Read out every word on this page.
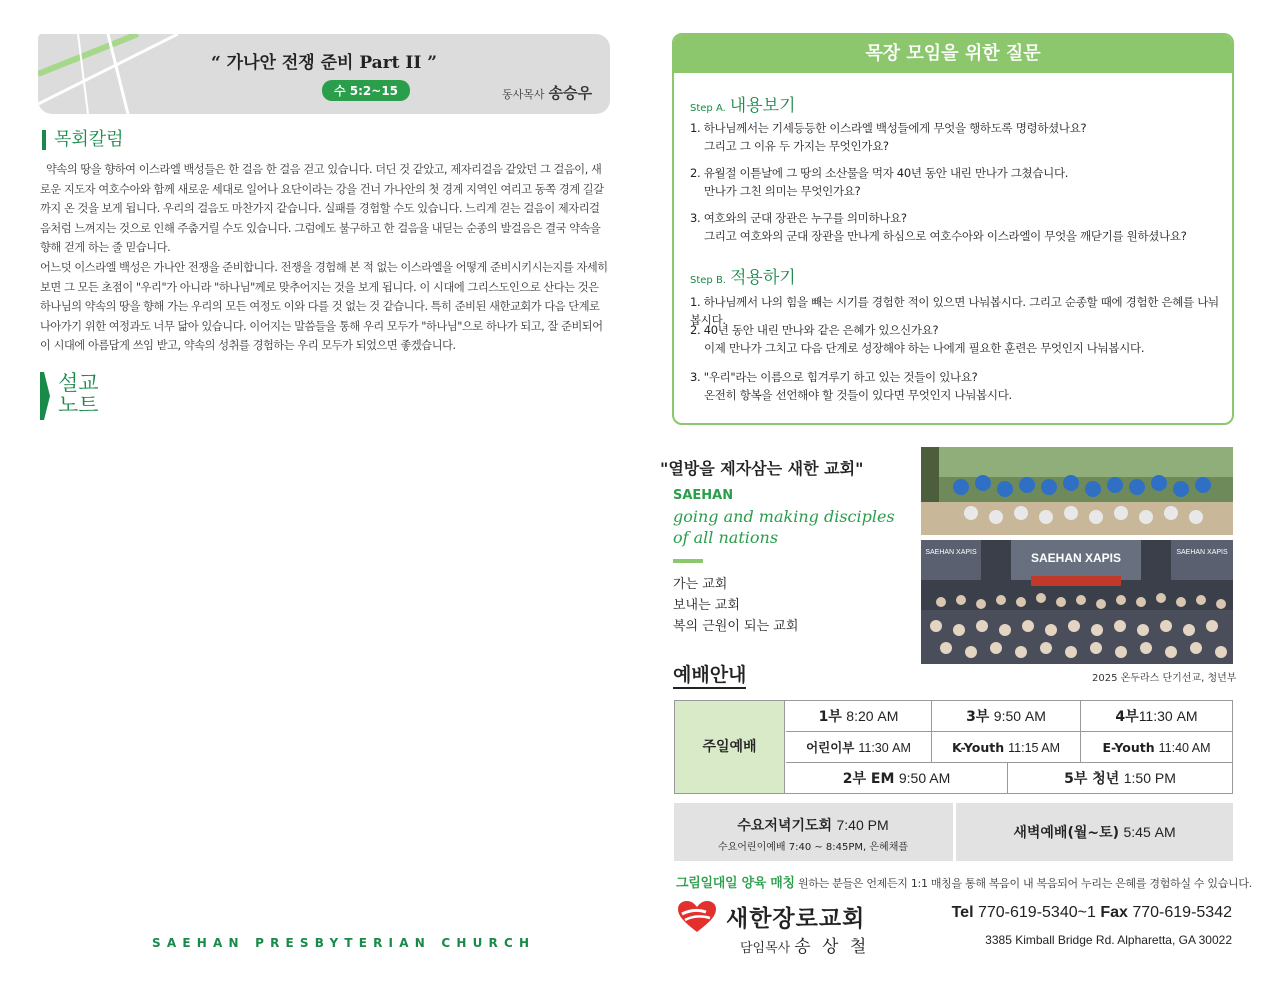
“ 가나안 전쟁 준비 Part II ”
수 5:2~15	동사목사 송승우
목회칼럼

약속의 땅을 향하여 이스라엘 백성들은 한 걸음 한 걸음 걷고 있습니다. 더딘 것 같았고, 제자리걸음 같았던 그 걸음이, 새로운 지도자 여호수아와 함께 새로운 세대로 일어나 요단이라는 강을 건너 가나안의 첫 경계 지역인 여리고 동쪽 경계 길갈까지 온 것을 보게 됩니다. 우리의 걸음도 마찬가지 같습니다. 실패를 경험할 수도 있습니다. 느리게 걷는 걸음이 제자리걸음처럼 느껴지는 것으로 인해 주춤거릴 수도 있습니다. 그럼에도 불구하고 한 걸음을 내딛는 순종의 발걸음은 결국 약속을 향해 걷게 하는 줄 믿습니다.

어느덧 이스라엘 백성은 가나안 전쟁을 준비합니다. 전쟁을 경험해 본 적 없는 이스라엘을 어떻게 준비시키시는지를 자세히 보면 그 모든 초점이 "우리"가 아니라 "하나님"께로 맞추어지는 것을 보게 됩니다. 이 시대에 그리스도인으로 산다는 것은 하나님의 약속의 땅을 향해 가는 우리의 모든 여정도 이와 다를 것 없는 것 같습니다. 특히 준비된 새한교회가 다음 단계로 나아가기 위한 여정과도 너무 닮아 있습니다. 이어지는 말씀들을 통해 우리 모두가 "하나님"으로 하나가 되고, 잘 준비되어 이 시대에 아름답게 쓰임 받고, 약속의 성취를 경험하는 우리 모두가 되었으면 좋겠습니다.

설교
노트
SAEHAN PRESBYTERIAN CHURCH
목장 모임을 위한 질문
Step A. 내용보기
1. 하나님께서는 기세등등한 이스라엘 백성들에게 무엇을 행하도록 명령하셨나요?
그리고 그 이유 두 가지는 무엇인가요?
2. 유월절 이튿날에 그 땅의 소산물을 먹자 40년 동안 내린 만나가 그쳤습니다.
만나가 그친 의미는 무엇인가요?
3. 여호와의 군대 장관은 누구를 의미하나요?
그리고 여호와의 군대 장관을 만나게 하심으로 여호수아와 이스라엘이 무엇을 깨닫기를 원하셨나요?
Step B. 적용하기
1. 하나님께서 나의 힘을 빼는 시기를 경험한 적이 있으면 나눠봅시다. 그리고 순종할 때에 경험한 은혜를 나눠봅시다.
2. 40년 동안 내린 만나와 같은 은혜가 있으신가요?
이제 만나가 그치고 다음 단계로 성장해야 하는 나에게 필요한 훈련은 무엇인지 나눠봅시다.
3. "우리"라는 이름으로 힘겨루기 하고 있는 것들이 있나요?
온전히 항복을 선언해야 할 것들이 있다면 무엇인지 나눠봅시다.
"열방을 제자삼는 새한 교회"
SAEHAN
going and making disciples
of all nations
가는 교회
보내는 교회
복의 근원이 되는 교회
SAEHAN XAPIS
SAEHAN XAPIS	SAEHAN XAPIS
2025 온두라스 단기선교, 청년부
예배안내
주일예배
1부 8:20 AM	3부 9:50 AM	4부11:30 AM
어린이부 11:30 AM	K-Youth 11:15 AM	E-Youth 11:40 AM
2부 EM 9:50 AM	5부 청년 1:50 PM
수요저녁기도회 7:40 PM
수요어린이예배 7:40 ~ 8:45PM, 은혜채플
새벽예배(월~토) 5:45 AM
그림일대일 양육 매칭 원하는 분들은 언제든지 1:1 매칭을 통해 복음이 내 복음되어 누리는 은혜를 경험하실 수 있습니다.
새한장로교회
담임목사 송 상 철
Tel 770-619-5340~1 Fax 770-619-5342
3385 Kimball Bridge Rd. Alpharetta, GA 30022
